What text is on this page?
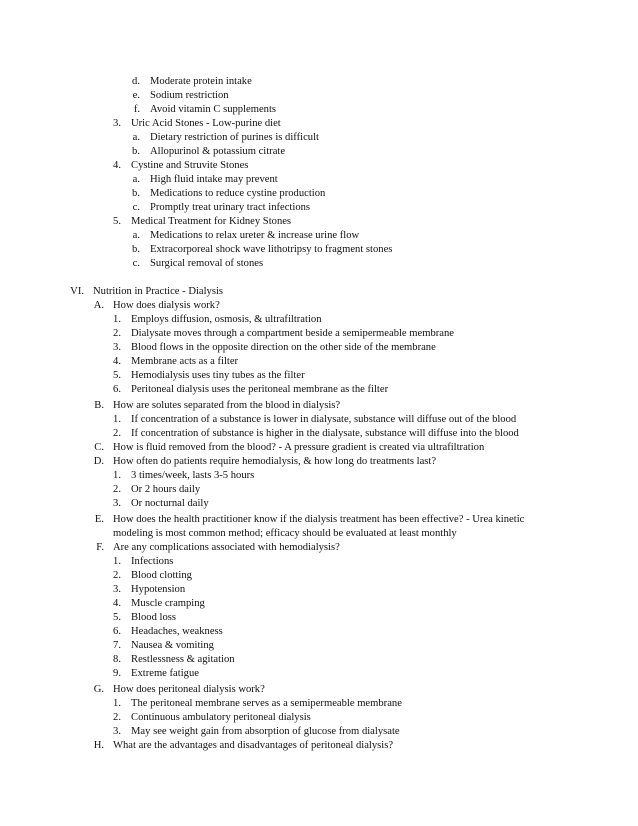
d. Moderate protein intake
e. Sodium restriction
f. Avoid vitamin C supplements
3. Uric Acid Stones - Low-purine diet
a. Dietary restriction of purines is difficult
b. Allopurinol & potassium citrate
4. Cystine and Struvite Stones
a. High fluid intake may prevent
b. Medications to reduce cystine production
c. Promptly treat urinary tract infections
5. Medical Treatment for Kidney Stones
a. Medications to relax ureter & increase urine flow
b. Extracorporeal shock wave lithotripsy to fragment stones
c. Surgical removal of stones
VI. Nutrition in Practice - Dialysis
A. How does dialysis work?
1. Employs diffusion, osmosis, & ultrafiltration
2. Dialysate moves through a compartment beside a semipermeable membrane
3. Blood flows in the opposite direction on the other side of the membrane
4. Membrane acts as a filter
5. Hemodialysis uses tiny tubes as the filter
6. Peritoneal dialysis uses the peritoneal membrane as the filter
B. How are solutes separated from the blood in dialysis?
1. If concentration of a substance is lower in dialysate, substance will diffuse out of the blood
2. If concentration of substance is higher in the dialysate, substance will diffuse into the blood
C. How is fluid removed from the blood? - A pressure gradient is created via ultrafiltration
D. How often do patients require hemodialysis, & how long do treatments last?
1. 3 times/week, lasts 3-5 hours
2. Or 2 hours daily
3. Or nocturnal daily
E. How does the health practitioner know if the dialysis treatment has been effective? - Urea kinetic
modeling is most common method; efficacy should be evaluated at least monthly
F. Are any complications associated with hemodialysis?
1. Infections
2. Blood clotting
3. Hypotension
4. Muscle cramping
5. Blood loss
6. Headaches, weakness
7. Nausea & vomiting
8. Restlessness & agitation
9. Extreme fatigue
G. How does peritoneal dialysis work?
1. The peritoneal membrane serves as a semipermeable membrane
2. Continuous ambulatory peritoneal dialysis
3. May see weight gain from absorption of glucose from dialysate
H. What are the advantages and disadvantages of peritoneal dialysis?
